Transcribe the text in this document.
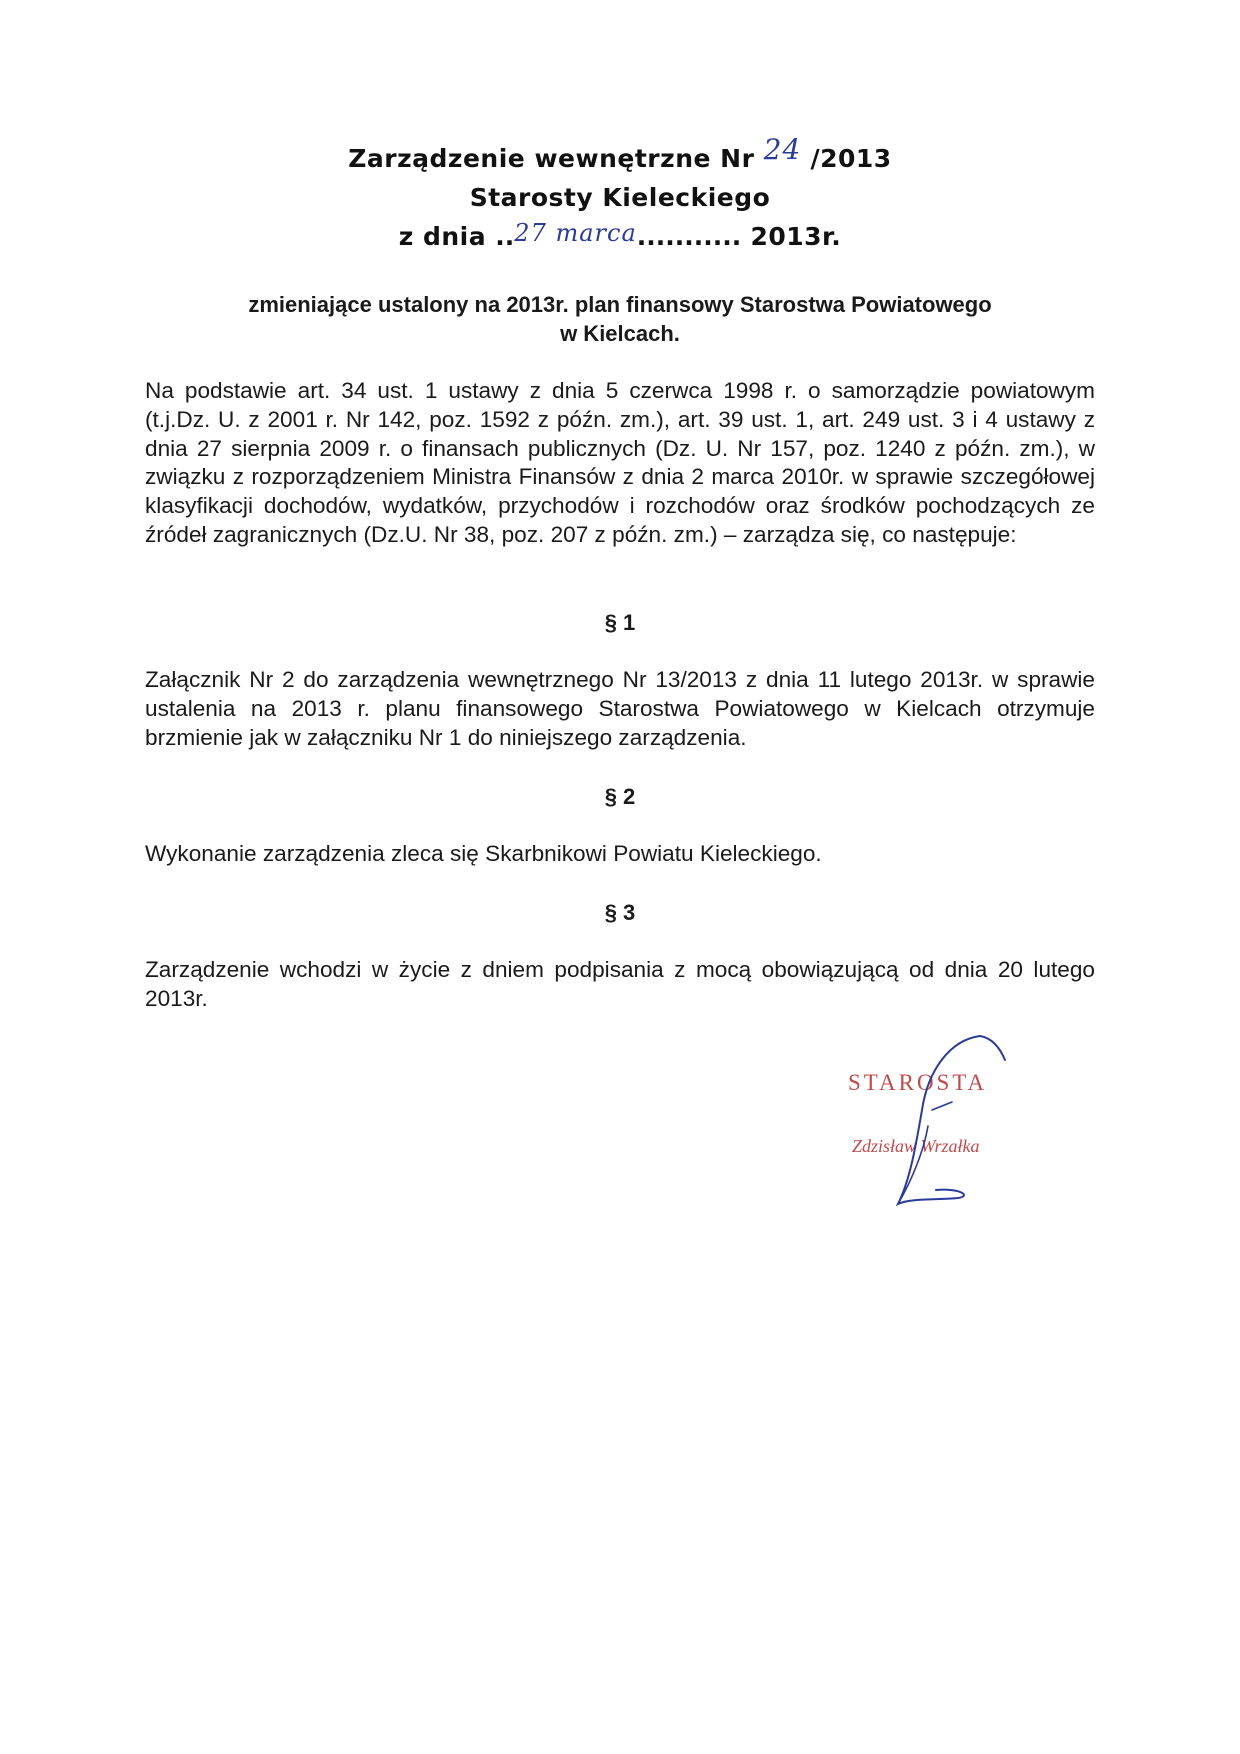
Zarządzenie wewnętrzne Nr 24 /2013
Starosty Kieleckiego
z dnia ..27 marca........... 2013r.
zmieniające ustalony na 2013r. plan finansowy Starostwa Powiatowego
w Kielcach.
Na podstawie art. 34 ust. 1 ustawy z dnia 5 czerwca 1998 r. o samorządzie powiatowym (t.j.Dz. U. z 2001 r. Nr 142, poz. 1592 z późn. zm.), art. 39 ust. 1, art. 249 ust. 3 i 4 ustawy z dnia 27 sierpnia 2009 r. o finansach publicznych (Dz. U. Nr 157, poz. 1240 z późn. zm.), w związku z rozporządzeniem Ministra Finansów z dnia 2 marca 2010r. w sprawie szczegółowej klasyfikacji dochodów, wydatków, przychodów i rozchodów oraz środków pochodzących ze źródeł zagranicznych (Dz.U. Nr 38, poz. 207 z późn. zm.) – zarządza się, co następuje:
§ 1
Załącznik Nr 2 do zarządzenia wewnętrznego Nr 13/2013 z dnia 11 lutego 2013r. w sprawie ustalenia na 2013 r. planu finansowego Starostwa Powiatowego w Kielcach otrzymuje brzmienie jak w załączniku Nr 1 do niniejszego zarządzenia.
§ 2
Wykonanie zarządzenia zleca się Skarbnikowi Powiatu Kieleckiego.
§ 3
Zarządzenie wchodzi w życie z dniem podpisania z mocą obowiązującą od dnia 20 lutego 2013r.
STAROSTA
Zdzisław Wrzałka
